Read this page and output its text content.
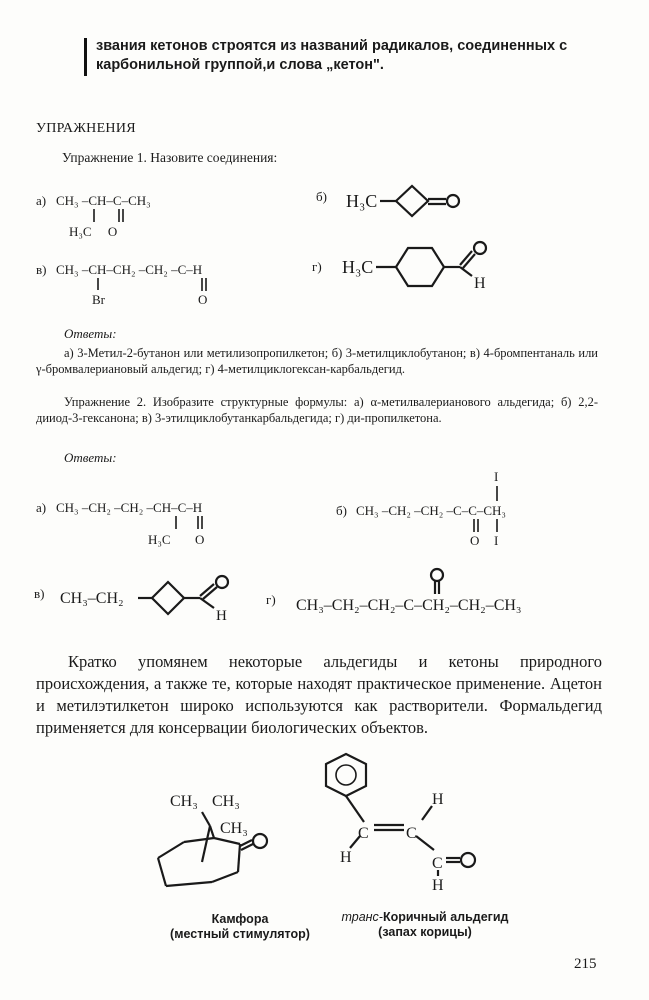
звания кетонов строятся из названий радикалов, соединенных с карбонильной группой,и слова „кетон".
УПРАЖНЕНИЯ
Упражнение 1. Назовите соединения:
а) CH₃ –CH–C–CH₃
H₃C     O
б) H₃C
в) CH₃ –CH–CH₂ –CH₂ –C–H
Br	O
г) H₃C
H
Ответы:
а) 3-Метил-2-бутанон или метилизопропилкетон; б) 3-метилциклобутанон; в) 4-бромпентаналь или γ-бромвалериановый альдегид; г) 4-метилциклогексан-карбальдегид.
Упражнение 2. Изобразите структурные формулы: а) α-метилвалерианового альдегида; б) 2,2-дииод-3-гексанона; в) 3-этилциклобутанкарбальдегида; г) ди-пропилкетона.
Ответы:
а) CH₃ –CH₂ –CH₂ –CH–C–H
H₃C O
б)
I
CH₃ –CH₂ –CH₂ –C–C–CH₃
O I
в) CH₃–CH₂
H
г) CH₃–CH₂–CH₂–C–CH₂–CH₂–CH₃
Кратко упомянем некоторые альдегиды и кетоны природного происхождения, а также те, которые находят практическое применение. Ацетон и метилэтилкетон широко используются как растворители. Формальдегид применяется для консервации биологических объектов.
CH₃ CH₃
CH₃	C C
H
H
C
H
Камфора
(местный стимулятор)
транс-Коричный альдегид
(запах корицы)
215
